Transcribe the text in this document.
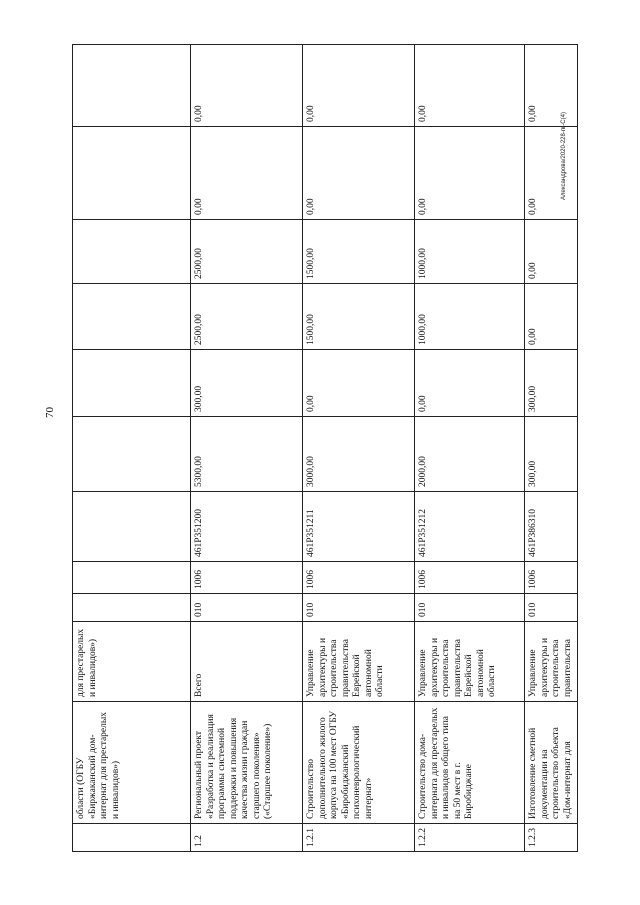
70
	области (ОГБУ «Биржаканский дом-интернат для престарелых и инвалидов»)	для престарелых и инвалидов»)									
1.2	Региональный проект «Разработка и реализация программы системной поддержки и повышения качества жизни граждан старшего поколения» («Старшее поколение»)	Всего	010	1006	461Р351200	5300,00	300,00	2500,00	2500,00	0,00	0,00
1.2.1	Строительство дополнительного жилого корпуса на 100 мест ОГБУ «Биробиджанский психоневрологический интернат»	Управление архитектуры и строительства правительства Еврейской автономной области	010	1006	461Р351211	3000,00	0,00	1500,00	1500,00	0,00	0,00
1.2.2	Строительство дома-интерната для престарелых и инвалидов общего типа на 50 мест в г. Биробиджане	Управление архитектуры и строительства правительства Еврейской автономной области	010	1006	461Р351212	2000,00	0,00	1000,00	1000,00	0,00	0,00
1.2.3	Изготовление сметной документации на строительство объекта «Дом-интернат для	Управление архитектуры и строительства правительства	010	1006	461Р386310	300,00	300,00	0,00	0,00	0,00	0,00	Александрова/2020-228-пг-С(4)
